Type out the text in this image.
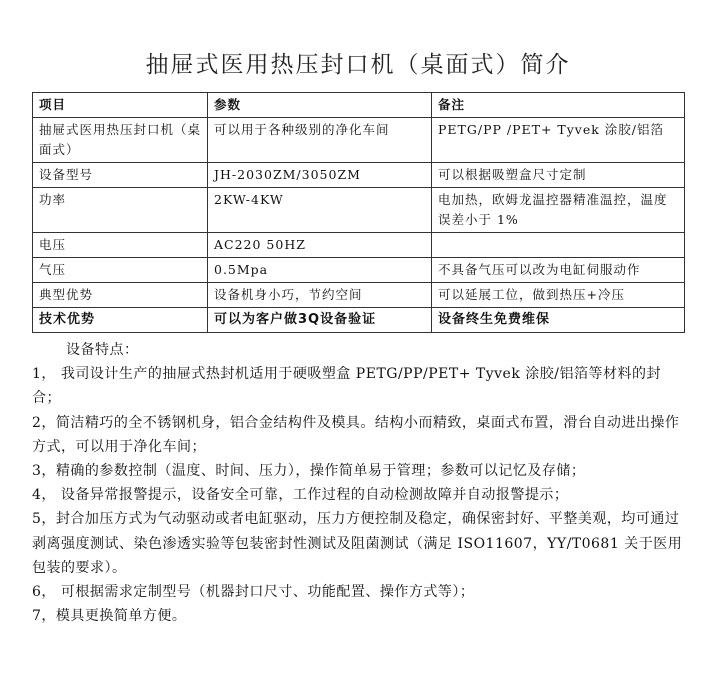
抽屉式医用热压封口机（桌面式）简介
项目	参数	备注
抽屉式医用热压封口机（桌面式）	可以用于各种级别的净化车间	PETG/PP /PET+ Tyvek 涂胶/铝箔
设备型号	JH-2030ZM/3050ZM	可以根据吸塑盒尺寸定制
功率	2KW-4KW	电加热，欧姆龙温控器精准温控，温度误差小于 1%
电压	AC220 50HZ	
气压	0.5Mpa	不具备气压可以改为电缸伺服动作
典型优势	设备机身小巧，节约空间	可以延展工位，做到热压+冷压
技术优势	可以为客户做3Q设备验证	设备终生免费维保

设备特点：

1， 我司设计生产的抽屉式热封机适用于硬吸塑盒 PETG/PP/PET+ Tyvek 涂胶/铝箔等材料的封合；

2，简洁精巧的全不锈钢机身，铝合金结构件及模具。结构小而精致，桌面式布置，滑台自动进出操作方式，可以用于净化车间；

3，精确的参数控制（温度、时间、压力），操作简单易于管理；参数可以记忆及存储；

4， 设备异常报警提示，设备安全可靠，工作过程的自动检测故障并自动报警提示；

5，封合加压方式为气动驱动或者电缸驱动，压力方便控制及稳定，确保密封好、平整美观，均可通过剥离强度测试、染色渗透实验等包装密封性测试及阻菌测试（满足 ISO11607，YY/T0681 关于医用包装的要求）。

6， 可根据需求定制型号（机器封口尺寸、功能配置、操作方式等）；

7，模具更换简单方便。
